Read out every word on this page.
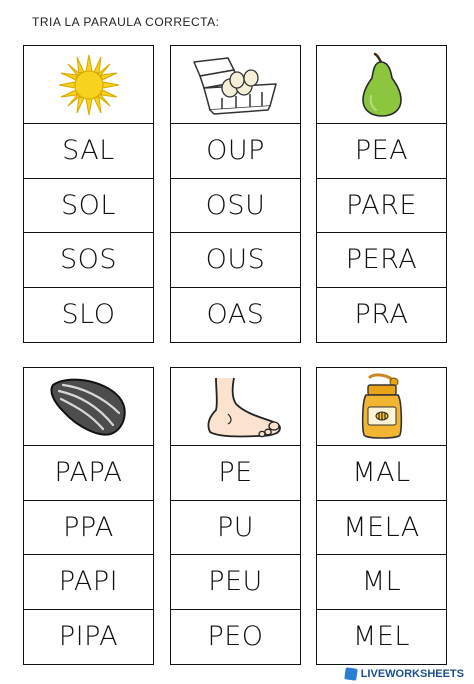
TRIA LA PARAULA CORRECTA:
SAL
SOL
SOS
SLO
OUP
OSU
OUS
OAS
PEA
PARE
PERA
PRA
PAPA
PPA
PAPI
PIPA
PE
PU
PEU
PEO
MAL
MELA
ML
MEL
LIVEWORKSHEETS
